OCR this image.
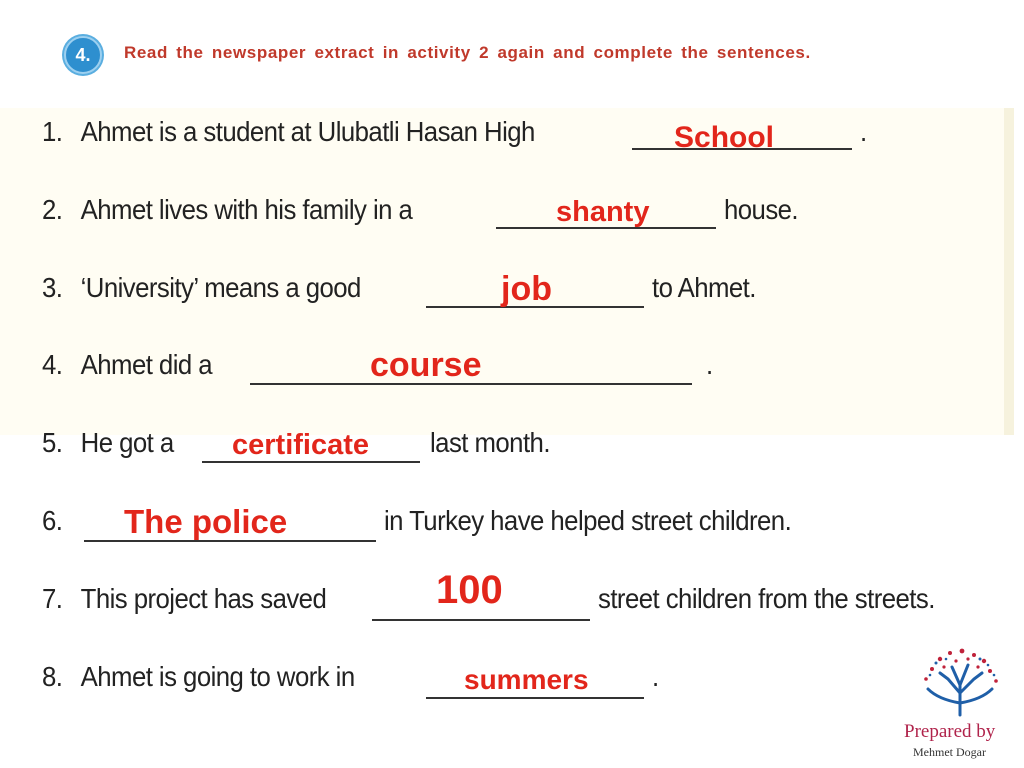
4. Read the newspaper extract in activity 2 again and complete the sentences.
1. Ahmet is a student at Ulubatli Hasan High	.
School
2. Ahmet lives with his family in a	house.
shanty
3. ‘University’ means a good	to Ahmet.
job
4. Ahmet did a	.
course
5. He got a	last month.
certificate
6.	in Turkey have helped street children.
The police
7. This project has saved	street children from the streets.
100
8. Ahmet is going to work in	.
summers
Prepared by
Mehmet Dogar
